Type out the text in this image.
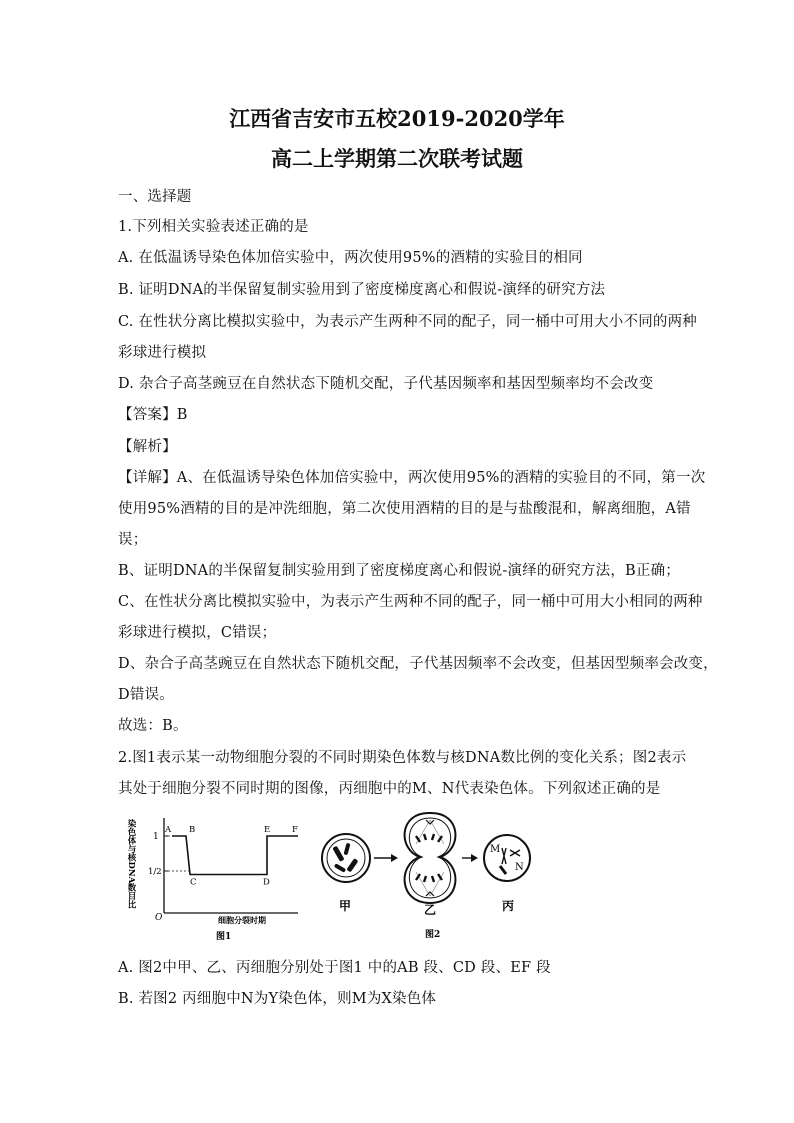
江西省吉安市五校2019-2020学年
高二上学期第二次联考试题
一、选择题
1.下列相关实验表述正确的是
A. 在低温诱导染色体加倍实验中，两次使用95%的酒精的实验目的相同
B. 证明DNA的半保留复制实验用到了密度梯度离心和假说-演绎的研究方法
C. 在性状分离比模拟实验中，为表示产生两种不同的配子，同一桶中可用大小不同的两种
彩球进行模拟
D. 杂合子高茎豌豆在自然状态下随机交配，子代基因频率和基因型频率均不会改变
【答案】B
【解析】
【详解】A、在低温诱导染色体加倍实验中，两次使用95%的酒精的实验目的不同，第一次
使用95%酒精的目的是冲洗细胞，第二次使用酒精的目的是与盐酸混和，解离细胞，A错
误；
B、证明DNA的半保留复制实验用到了密度梯度离心和假说-演绎的研究方法，B正确；
C、在性状分离比模拟实验中，为表示产生两种不同的配子，同一桶中可用大小相同的两种
彩球进行模拟，C错误；
D、杂合子高茎豌豆在自然状态下随机交配，子代基因频率不会改变，但基因型频率会改变，
D错误。
故选：B。
2.图1表示某一动物细胞分裂的不同时期染色体数与核DNA数比例的变化关系；图2表示
其处于细胞分裂不同时期的图像，丙细胞中的M、N代表染色体。下列叙述正确的是
染色体与核DNA数目比 1
1/2
O
A B
C	D
E	F
细胞分裂时期
图1
甲	乙
图2
M
N
丙
A. 图2中甲、乙、丙细胞分别处于图1 中的AB 段、CD 段、EF 段
B. 若图2 丙细胞中N为Y染色体，则M为X染色体
